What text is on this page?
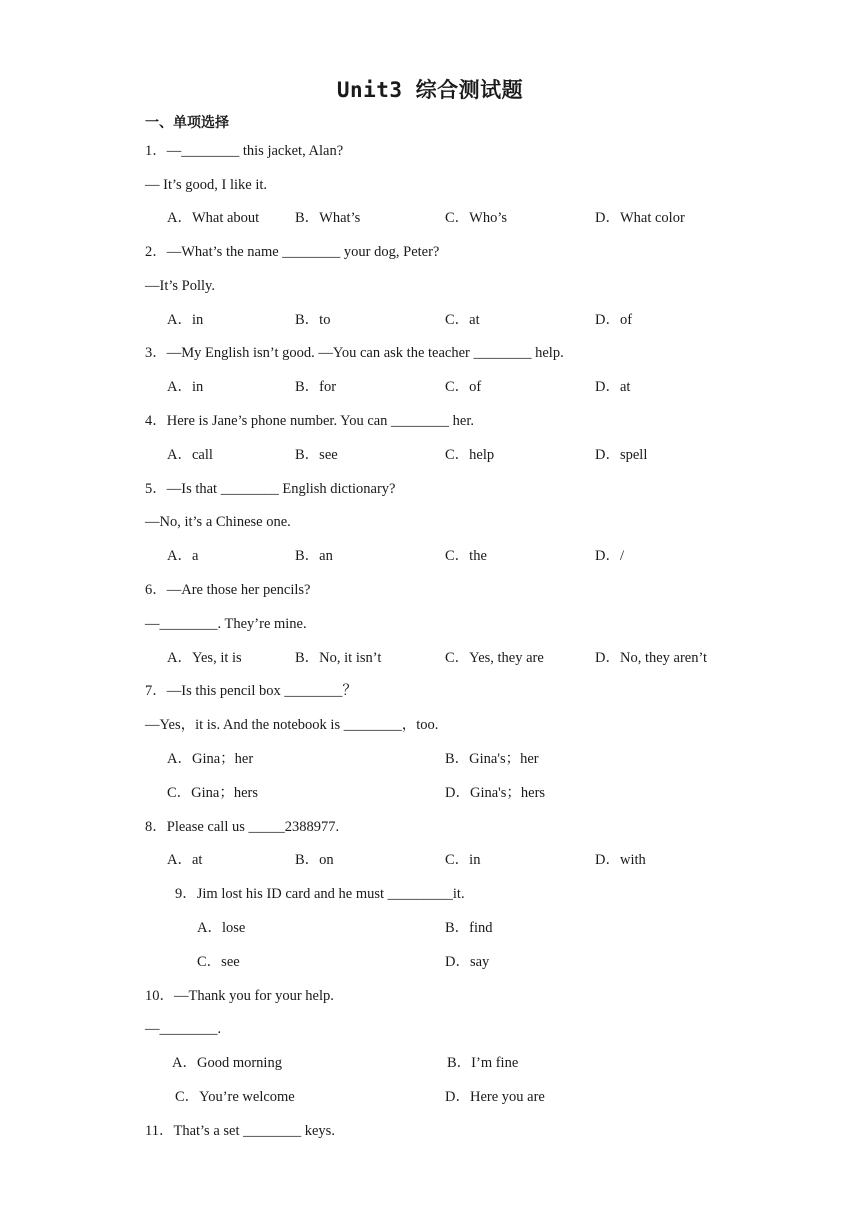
Unit3 综合测试题
一、单项选择
1．—________ this jacket, Alan?
— It’s good, I like it.
A．What about B．What’s	C．Who’s	D．What color
2．—What’s the name ________ your dog, Peter?
—It’s Polly.
A．in	B．to	C．at	D．of
3．—My English isn’t good. —You can ask the teacher ________ help.
A．in	B．for	C．of	D．at
4．Here is Jane’s phone number. You can ________ her.
A．call	B．see	C．help	D．spell
5．—Is that ________ English dictionary?
—No, it’s a Chinese one.
A．a	B．an	C．the	D．/
6．—Are those her pencils?
—________. They’re mine.
A．Yes, it is	B．No, it isn’t	C．Yes, they are	D．No, they aren’t
7．—Is this pencil box ________？
—Yes，it is. And the notebook is ________，too.
A．Gina；her	B．Gina's；her
C．Gina；hers	D．Gina's；hers
8．Please call us _____2388977.
A．at	B．on	C．in	D．with
9．Jim lost his ID card and he must _________it.
A．lose	B．find
C．see	D．say
10．—Thank you for your help.
—________.
A．Good morning	B．I’m fine
C．You’re welcome	D．Here you are
11．That’s a set ________ keys.
